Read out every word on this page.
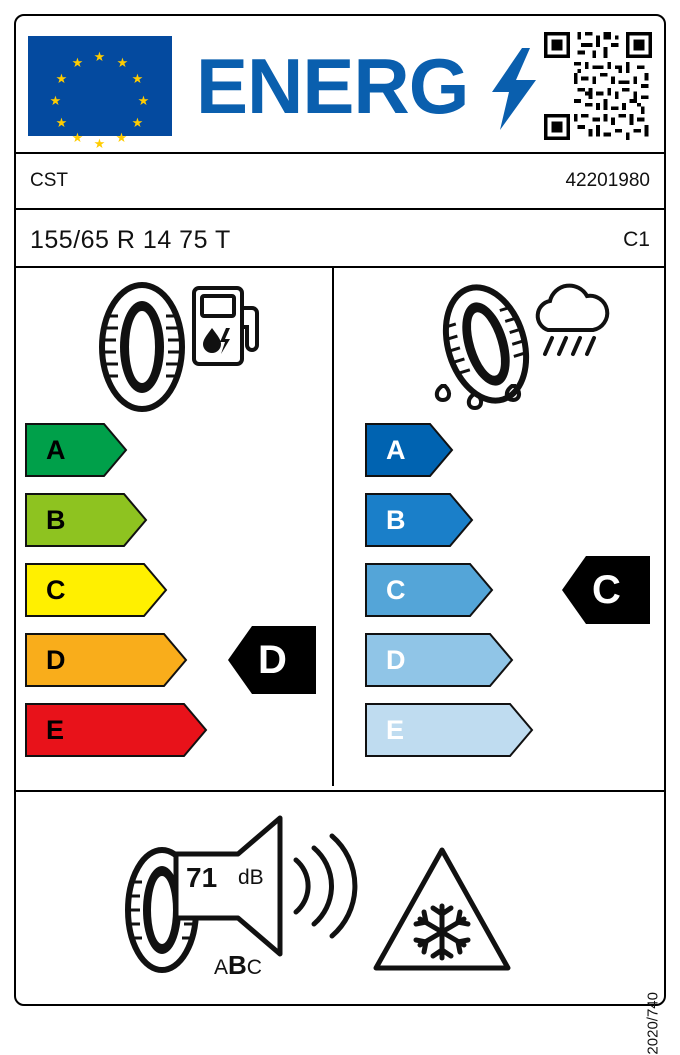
★ ★
★
★
★
★
★
★
★
★
★
★ ENERG
CST	42201980
155/65 R 14 75 T	C1
A
B
C
D
E
D
A
B
C
D
E
C
71 dB
ABC
2020/740
